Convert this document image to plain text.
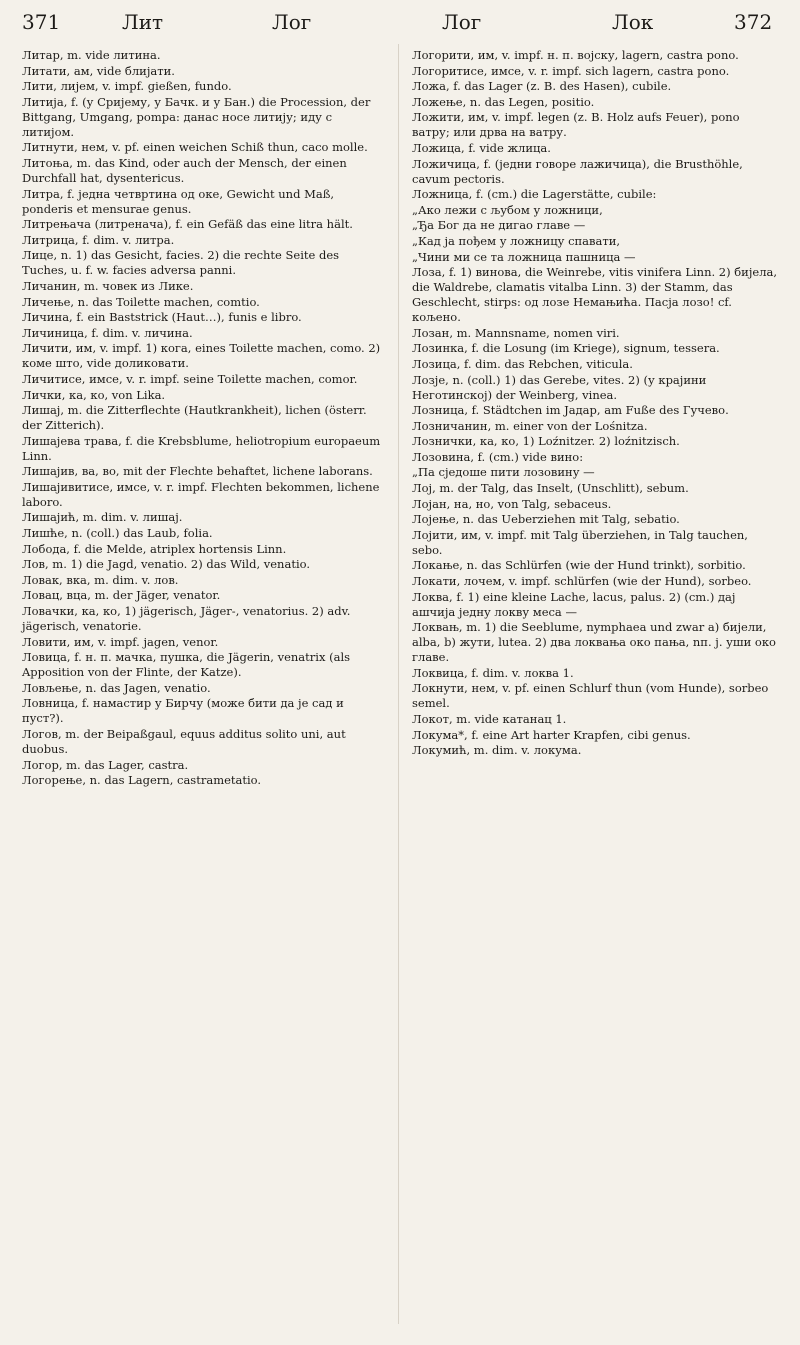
371	Лит	Лог	Лог	Лок	372
Литар, m. vide литина.
Литати, ам, vide блијати.
Лити, лијем, v. impf. gießen, fundo.
Литија, f. (у Сријему, у Бачк. и у Бан.) die Procession, der Bittgang, Umgang, pompa: данас носе литију; иду с литијом.
Литнути, нем, v. pf. einen weichen Schiß thun, caco molle.
Литоња, m. das Kind, oder auch der Mensch, der einen Durchfall hat, dysentericus.
Литра, f. једна четвртина од оке, Gewicht und Maß, ponderis et mensurae genus.
Литрењача (литреначa), f. ein Gefäß das eine litra hält.
Литрица, f. dim. v. литра.
Лице, n. 1) das Gesicht, facies. 2) die rechte Seite des Tuches, u. f. w. facies adversa panni.
Личанин, m. човек из Лике.
Личење, n. das Toilette machen, comtio.
Личина, f. ein Baststrick (Haut…), funis e libro.
Личиница, f. dim. v. личина.
Личити, им, v. impf. 1) кога, eines Toilette machen, como. 2) коме што, vide доликовати.
Личитисе, имсе, v. r. impf. seine Toilette machen, comor.
Лички, ка, ко, von Lika.
Лишај, m. die Zitterflechte (Hautkrankheit), lichen (österr. der Zitterich).
Лишајева трава, f. die Krebsblume, heliotropium europaeum Linn.
Лишајив, ва, во, mit der Flechte behaftet, lichene laborans.
Лишајивитисе, имсе, v. r. impf. Flechten bekommen, lichene laboro.
Лишајић, m. dim. v. лишај.
Лишће, n. (coll.) das Laub, folia.
Лобода, f. die Melde, atriplex hortensis Linn.
Лов, m. 1) die Jagd, venatio. 2) das Wild, venatio.
Ловак, вка, m. dim. v. лов.
Ловац, вца, m. der Jäger, venator.
Ловачки, ка, ко, 1) jägerisch, Jäger-, venatorius. 2) adv. jägerisch, venatorie.
Ловити, им, v. impf. jagen, venor.
Ловица, f. н. п. мачка, пушка, die Jägerin, venatrix (als Apposition von der Flinte, der Katze).
Ловљење, n. das Jagen, venatio.
Ловница, f. намастир у Бирчу (може бити да је сад и пуст?).
Логов, m. der Beipaßgaul, equus additus solito uni, aut duobus.
Логор, m. das Lager, castra.
Логорење, n. das Lagern, castrametatio.
Логорити, им, v. impf. н. п. војску, lagern, castra pono.
Логоритисе, имсе, v. r. impf. sich lagern, castra pono.
Ложа, f. das Lager (z. B. des Hasen), cubile.
Ложење, n. das Legen, positio.
Ложити, им, v. impf. legen (z. B. Holz aufs Feuer), pono ватру; или дрва на ватру.
Ложица, f. vide жлица.
Ложичица, f. (једни говоре лажичица), die Brusthöhle, cavum pectoris.
Ложница, f. (cm.) die Lagerstätte, cubile:
„Ако лежи с љубом у ложници,
„Ђа Бог да не дигао главе —
„Кад ја пођем у ложницу спавати,
„Чини ми се та ложница пашница —
Лоза, f. 1) винова, die Weinrebe, vitis vinifera Linn. 2) бијела, die Waldrebe, clamatis vitalba Linn. 3) der Stamm, das Geschlecht, stirps: од лозе Немањића. Пасја лозо! cf. кољено.
Лозан, m. Mannsname, nomen viri.
Лозинка, f. die Losung (im Kriege), signum, tessera.
Лозица, f. dim. das Rebchen, viticula.
Лозје, n. (coll.) 1) das Gerebe, vites. 2) (у крајини Неготинској) der Weinberg, vinea.
Лозница, f. Städtchen im Јадар, am Fuße des Гучево.
Лозничанин, m. einer von der Lośnitza.
Лознички, ка, ко, 1) Loźnitzer. 2) loźnitzisch.
Лозовина, f. (cm.) vide вино:
„Па сједоше пити лозовину —
Лој, m. der Talg, das Inselt, (Unschlitt), sebum.
Лојан, на, но, von Talg, sebaceus.
Лојење, n. das Ueberziehen mit Talg, sebatio.
Лојити, им, v. impf. mit Talg überziehen, in Talg tauchen, sebo.
Локање, n. das Schlürfen (wie der Hund trinkt), sorbitio.
Локати, лочем, v. impf. schlürfen (wie der Hund), sorbeo.
Локва, f. 1) eine kleine Lache, lacus, palus. 2) (cm.) дај ашчија једну локву меса —
Локвањ, m. 1) die Seeblume, nymphaea und zwar a) бијели, alba, b) жути, lutea. 2) два локвања око пања, nп. j. уши око главе.
Локвица, f. dim. v. локва 1.
Локнути, нем, v. pf. einen Schlurf thun (vom Hunde), sorbeo semel.
Локот, m. vide катанац 1.
Локума*, f. eine Art harter Krapfen, cibi genus.
Локумић, m. dim. v. локума.
